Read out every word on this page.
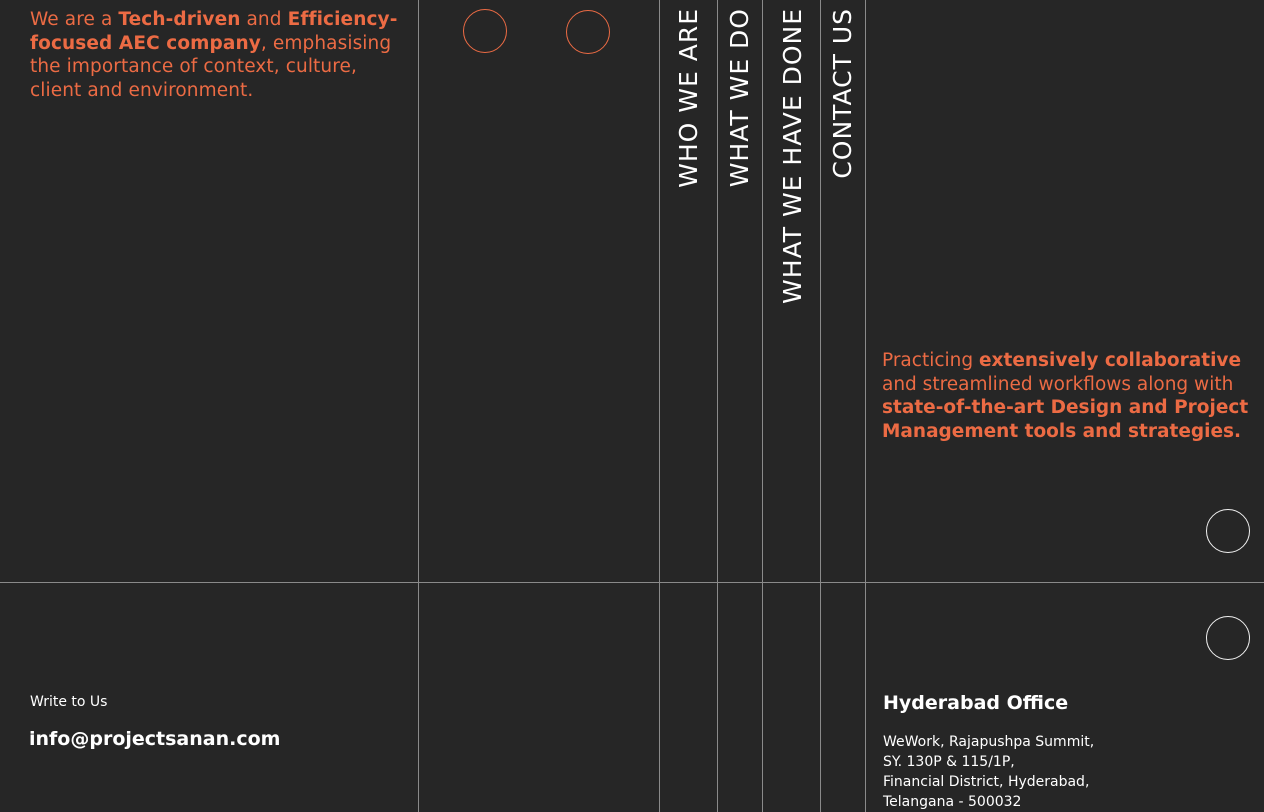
We are a Tech-driven and Efficiency-focused AEC company, emphasising the importance of context, culture, client and environment.	WHO WE ARE WHAT WE DO WHAT WE HAVE DONE CONTACT US

Practicing extensively collaborative and streamlined workflows along with state-of-the-art Design and Project Management tools and strategies.

Write to Us

info@projectsanan.com

Hyderabad Office

WeWork, Rajapushpa Summit,
SY. 130P & 115/1P,
Financial District, Hyderabad,
Telangana - 500032
